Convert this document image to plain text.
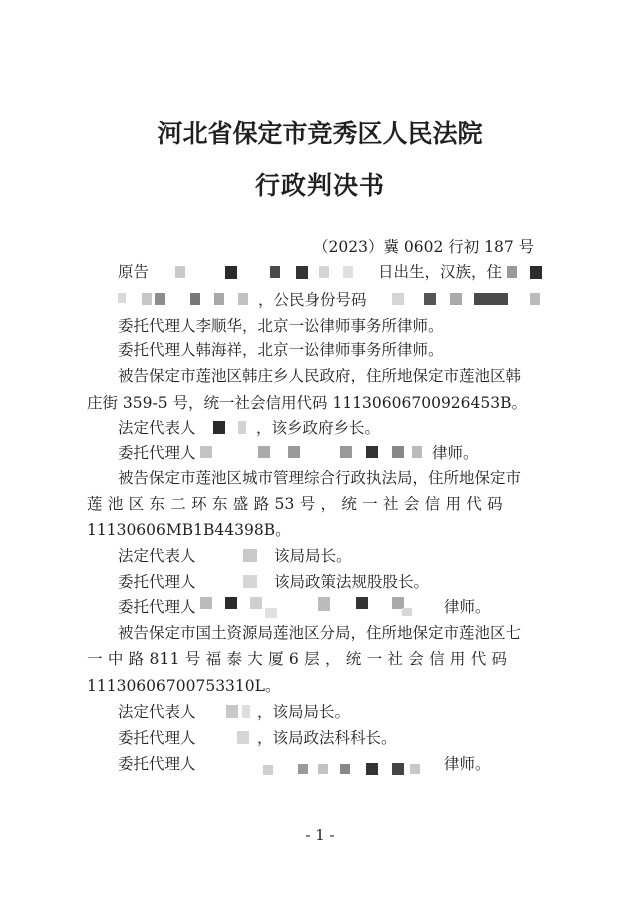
河北省保定市竞秀区人民法院
行政判决书
（2023）冀 0602 行初 187 号
原告	日出生，汉族，住
，公民身份号码
委托代理人李顺华，北京一讼律师事务所律师。
委托代理人韩海祥，北京一讼律师事务所律师。
被告保定市莲池区韩庄乡人民政府，住所地保定市莲池区韩
庄街 359-5 号，统一社会信用代码 11130606700926453B。
法定代表人	，该乡政府乡长。
委托代理人	律师。
被告保定市莲池区城市管理综合行政执法局，住所地保定市
莲 池 区 东 二 环 东 盛 路 53 号 ， 统 一 社 会 信 用 代 码
11130606MB1B44398B。
法定代表人	该局局长。
委托代理人	该局政策法规股股长。
委托代理人	律师。
被告保定市国土资源局莲池区分局，住所地保定市莲池区七
一 中 路 811 号 福 泰 大 厦 6 层 ， 统 一 社 会 信 用 代 码
11130606700753310L。
法定代表人	，该局局长。
委托代理人	，该局政法科科长。
委托代理人	律师。
- 1 -
